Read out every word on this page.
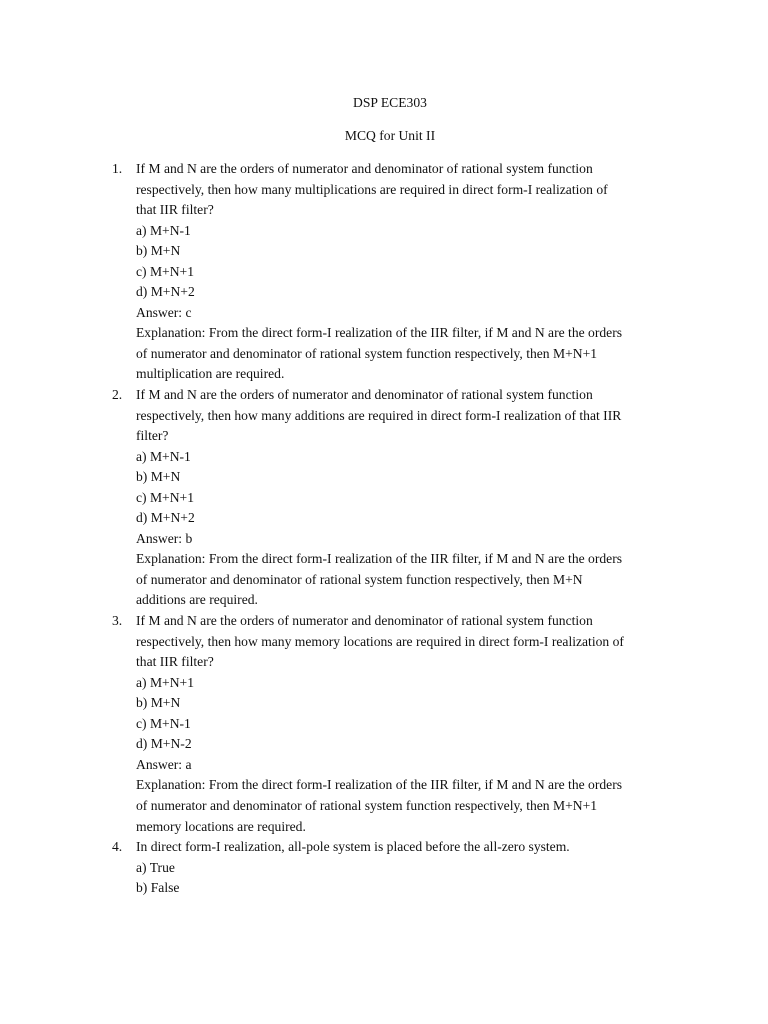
DSP ECE303
MCQ for Unit II
1. If M and N are the orders of numerator and denominator of rational system function
respectively, then how many multiplications are required in direct form-I realization of
that IIR filter?
a) M+N-1
b) M+N
c) M+N+1
d) M+N+2
Answer: c
Explanation: From the direct form-I realization of the IIR filter, if M and N are the orders
of numerator and denominator of rational system function respectively, then M+N+1
multiplication are required.
2. If M and N are the orders of numerator and denominator of rational system function
respectively, then how many additions are required in direct form-I realization of that IIR
filter?
a) M+N-1
b) M+N
c) M+N+1
d) M+N+2
Answer: b
Explanation: From the direct form-I realization of the IIR filter, if M and N are the orders
of numerator and denominator of rational system function respectively, then M+N
additions are required.
3. If M and N are the orders of numerator and denominator of rational system function
respectively, then how many memory locations are required in direct form-I realization of
that IIR filter?
a) M+N+1
b) M+N
c) M+N-1
d) M+N-2
Answer: a
Explanation: From the direct form-I realization of the IIR filter, if M and N are the orders
of numerator and denominator of rational system function respectively, then M+N+1
memory locations are required.
4. In direct form-I realization, all-pole system is placed before the all-zero system.
a) True
b) False
